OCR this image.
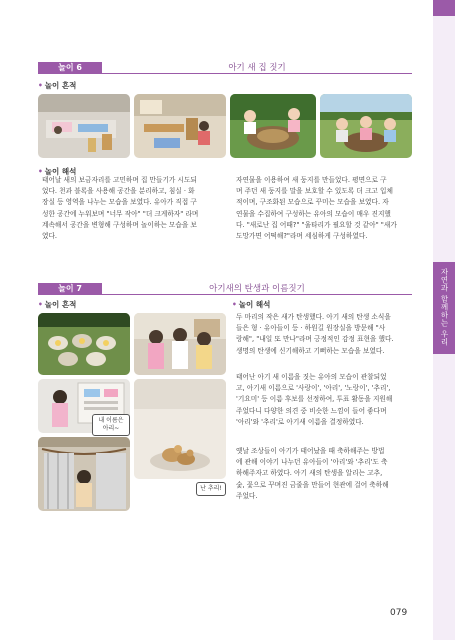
자연과 함께하는 우리
놀이 6	아기 새 집 짓기
• 놀이 흔적
• 놀이 해석
태어날 새의 보금자리를 고민하며 집 만들기가 시도되
었다. 천과 블록을 사용해 공간을 분리하고, 침실 · 화
장실 등 영역을 나누는 모습을 보였다. 유아가 직접 구
성한 공간에 누워보며 "너무 작아" "더 크게하자" 라며
계속해서 공간을 변형해 구성하며 놀이하는 모습을 보
였다.
자연물을 이용하여 새 둥지를 만들었다. 평면으로 구
며 주던 새 둥지를 말을 보호할 수 있도록 더 크고 입체
적이며, 구조화된 모습으로 꾸미는 모습을 보였다. 자
연물을 수집하여 구성하는 유아의 모습이 매우 진지했
다. "새로난 집 어때?" "울타리가 필요할 것 같아" "새가
도망가면 어떡해?"라며 세심하게 구성하였다.
놀이 7	아기새의 탄생과 이름짓기
• 놀이 흔적	• 놀이 해석
내 이름은
아리~
난 추리!
두 마리의 작은 새가 탄생했다. 아기 새의 탄생 소식을
들은 형 · 유아들이 등 · 하원길 원장실을 방문해 "사
랑해", "내일 또 만나"라며 긍정적인 감정 표현을 했다.
생명의 탄생에 신기해하고 기뻐하는 모습을 보였다.
태어난 아기 새 이름을 짓는 유아의 모습이 관찰되었
고, 아기새 이름으로 '사랑이', '아리', '노랑이', '추리',
'기요미' 등 이름 후보를 선정하여, 투표 활동을 지원해
주었다니 다양한 의견 중 비슷한 느낌이 들어 좋다며
'아리'와 '추리'로 아기새 이름을 결정하였다.
옛날 조상들이 아기가 태어났을 때 축하해주는 방법
에 관해 이야기 나누던 유아들이 '아리'와 '추리'도 축
하해주자고 하였다. 아기 새의 탄생을 알리는 고추,
숯, 꽃으로 꾸며진 금줄을 만들어 현관에 걸어 축하해
주었다.
079
